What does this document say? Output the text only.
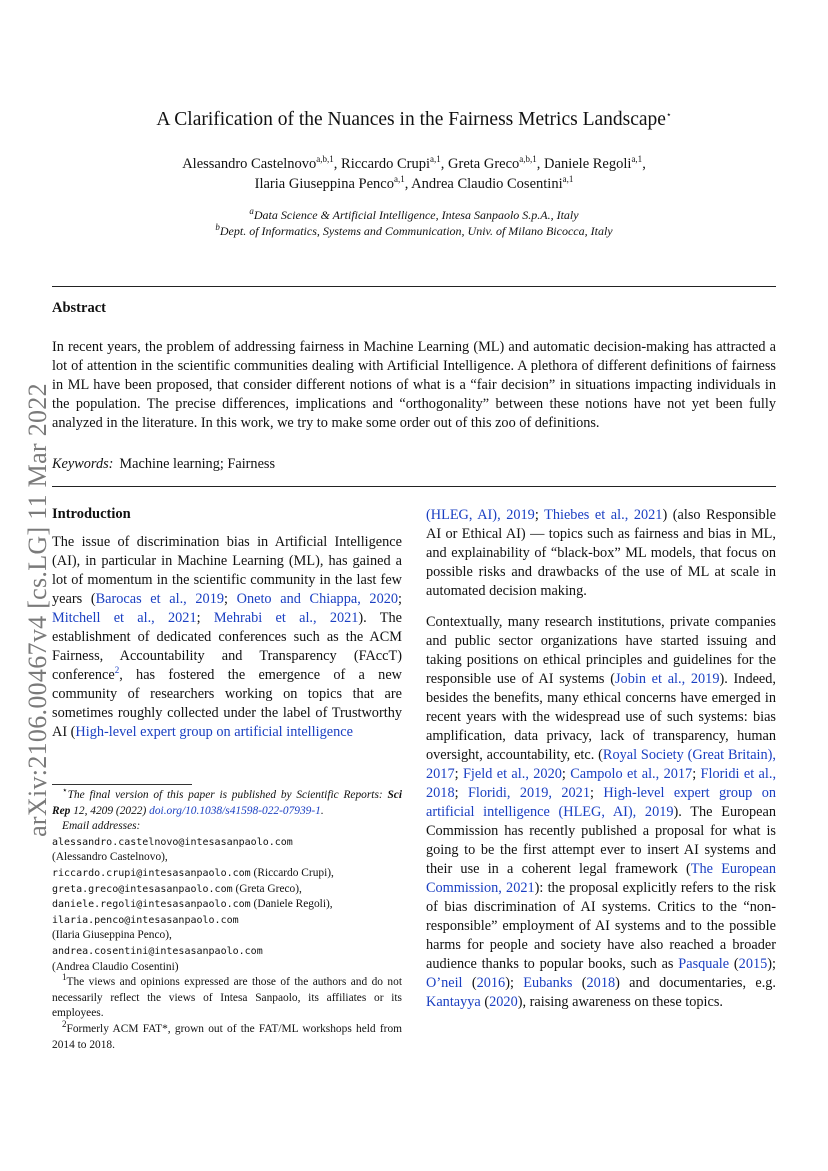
arXiv:2106.00467v4 [cs.LG] 11 Mar 2022
A Clarification of the Nuances in the Fairness Metrics Landscape⋆
Alessandro Castelnovo$^{a,b,1}$, Riccardo Crupi$^{a,1}$, Greta Greco$^{a,b,1}$, Daniele Regoli$^{a,1}$,
Ilaria Giuseppina Penco$^{a,1}$, Andrea Claudio Cosentini$^{a,1}$
$^a$Data Science & Artificial Intelligence, Intesa Sanpaolo S.p.A., Italy
$^b$Dept. of Informatics, Systems and Communication, Univ. of Milano Bicocca, Italy
Abstract
In recent years, the problem of addressing fairness in Machine Learning (ML) and automatic decision-making has attracted a lot of attention in the scientific communities dealing with Artificial Intelligence. A plethora of different definitions of fairness in ML have been proposed, that consider different notions of what is a “fair decision” in situations impacting individuals in the population. The precise differences, implications and “orthogonality” between these notions have not yet been fully analyzed in the literature. In this work, we try to make some order out of this zoo of definitions.
Keywords: Machine learning; Fairness
Introduction

The issue of discrimination bias in Artificial Intelligence (AI), in particular in Machine Learning (ML), has gained a lot of momentum in the scientific community in the last few years (Barocas et al., 2019; Oneto and Chiappa, 2020; Mitchell et al., 2021; Mehrabi et al., 2021). The establishment of dedicated conferences such as the ACM Fairness, Accountability and Transparency (FAccT) conference$^2$, has fostered the emergence of a new community of researchers working on topics that are sometimes roughly collected under the label of Trustworthy AI (High-level expert group on artificial intelligence

⋆The final version of this paper is published by Scientific Reports: Sci Rep 12, 4209 (2022) doi.org/10.1038/s41598-022-07939-1.

Email addresses:

alessandro.castelnovo@intesasanpaolo.com
(Alessandro Castelnovo),
riccardo.crupi@intesasanpaolo.com (Riccardo Crupi),
greta.greco@intesasanpaolo.com (Greta Greco),
daniele.regoli@intesasanpaolo.com (Daniele Regoli),
ilaria.penco@intesasanpaolo.com
(Ilaria Giuseppina Penco),
andrea.cosentini@intesasanpaolo.com
(Andrea Claudio Cosentini)

$^1$The views and opinions expressed are those of the authors and do not necessarily reflect the views of Intesa Sanpaolo, its affiliates or its employees.

$^2$Formerly ACM FAT*, grown out of the FAT/ML workshops held from 2014 to 2018.

(HLEG, AI), 2019; Thiebes et al., 2021) (also Responsible AI or Ethical AI) — topics such as fairness and bias in ML, and explainability of “black-box” ML models, that focus on possible risks and drawbacks of the use of ML at scale in automated decision making.

Contextually, many research institutions, private companies and public sector organizations have started issuing and taking positions on ethical principles and guidelines for the responsible use of AI systems (Jobin et al., 2019). Indeed, besides the benefits, many ethical concerns have emerged in recent years with the widespread use of such systems: bias amplification, data privacy, lack of transparency, human oversight, accountability, etc. (Royal Society (Great Britain), 2017; Fjeld et al., 2020; Campolo et al., 2017; Floridi et al., 2018; Floridi, 2019, 2021; High-level expert group on artificial intelligence (HLEG, AI), 2019). The European Commission has recently published a proposal for what is going to be the first attempt ever to insert AI systems and their use in a coherent legal framework (The European Commission, 2021): the proposal explicitly refers to the risk of bias discrimination of AI systems. Critics to the “non-responsible” employment of AI systems and to the possible harms for people and society have also reached a broader audience thanks to popular books, such as Pasquale (2015); O’neil (2016); Eubanks (2018) and documentaries, e.g. Kantayya (2020), raising awareness on these topics.
